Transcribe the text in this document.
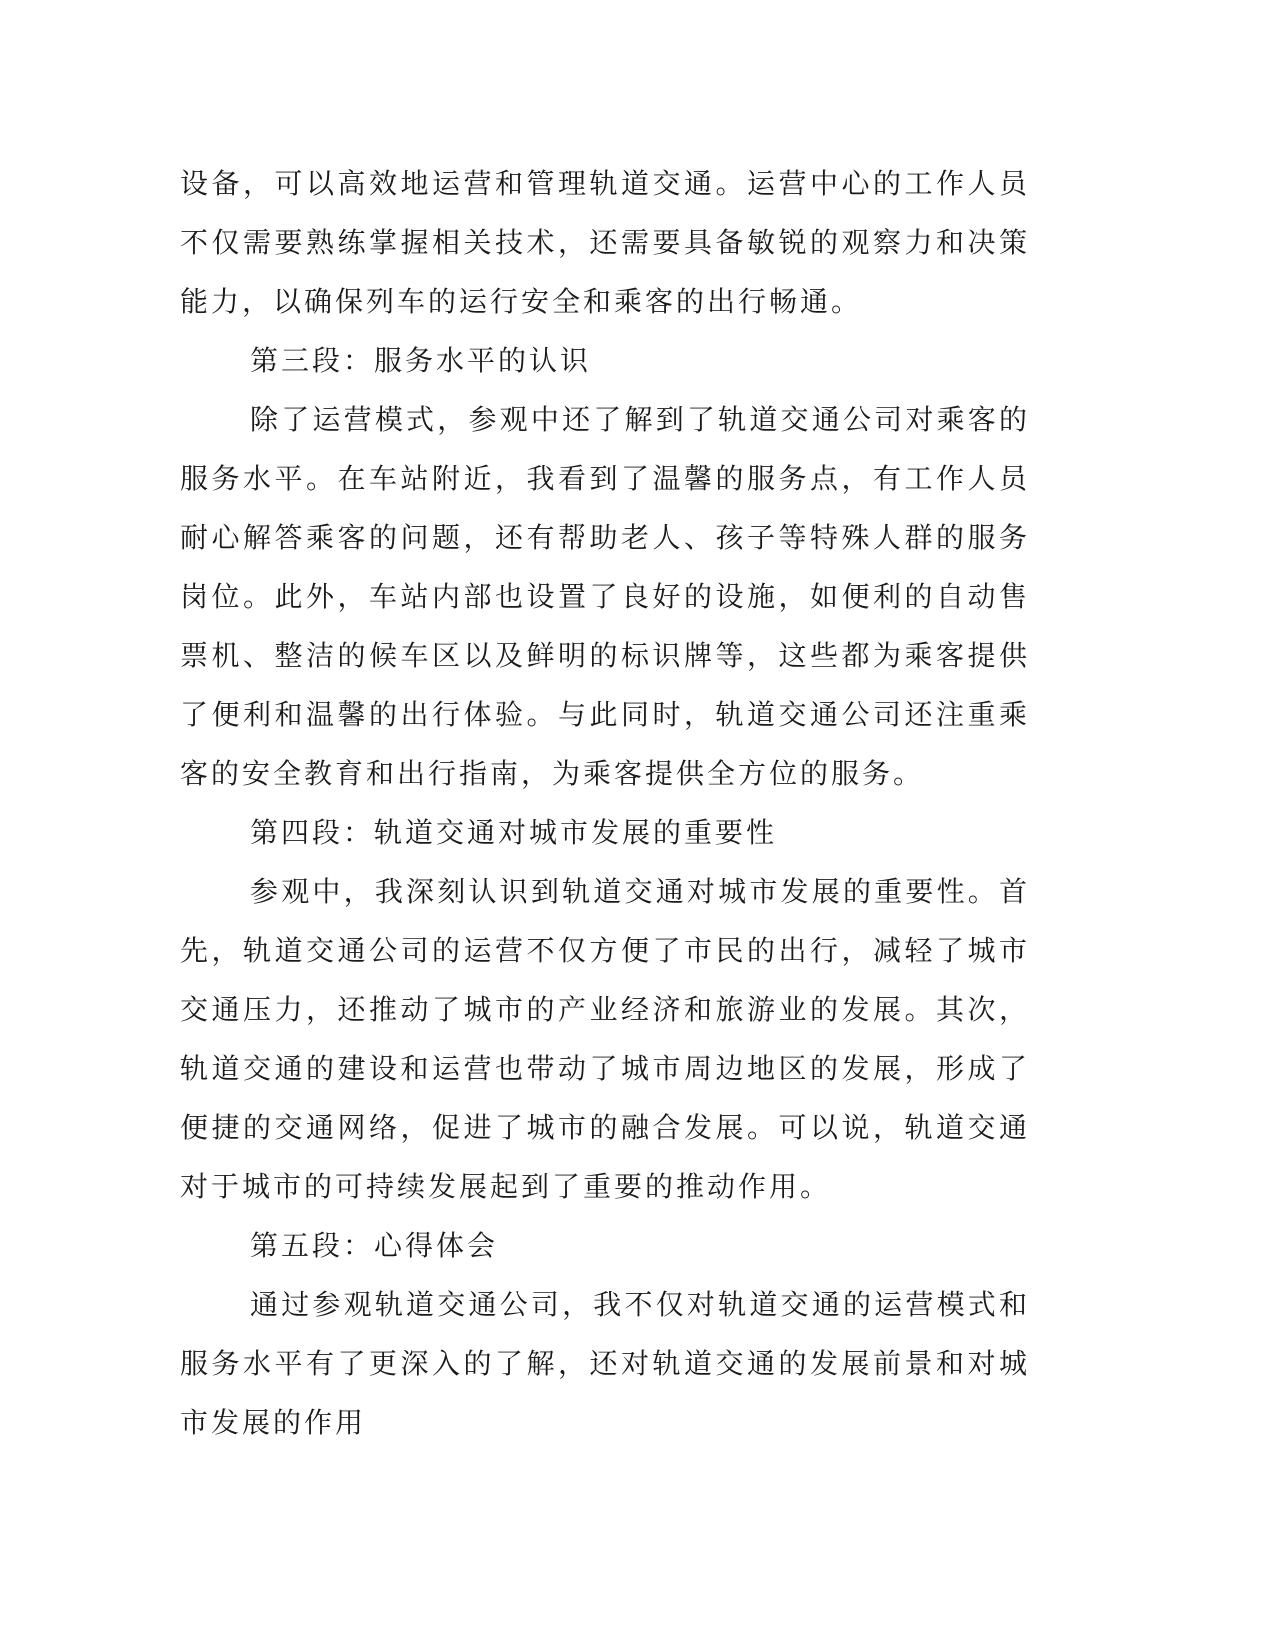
设备，可以高效地运营和管理轨道交通。运营中心的工作人员不仅需要熟练掌握相关技术，还需要具备敏锐的观察力和决策能力，以确保列车的运行安全和乘客的出行畅通。

第三段：服务水平的认识

除了运营模式，参观中还了解到了轨道交通公司对乘客的服务水平。在车站附近，我看到了温馨的服务点，有工作人员耐心解答乘客的问题，还有帮助老人、孩子等特殊人群的服务岗位。此外，车站内部也设置了良好的设施，如便利的自动售票机、整洁的候车区以及鲜明的标识牌等，这些都为乘客提供了便利和温馨的出行体验。与此同时，轨道交通公司还注重乘客的安全教育和出行指南，为乘客提供全方位的服务。

第四段：轨道交通对城市发展的重要性

参观中，我深刻认识到轨道交通对城市发展的重要性。首先，轨道交通公司的运营不仅方便了市民的出行，减轻了城市交通压力，还推动了城市的产业经济和旅游业的发展。其次，轨道交通的建设和运营也带动了城市周边地区的发展，形成了便捷的交通网络，促进了城市的融合发展。可以说，轨道交通对于城市的可持续发展起到了重要的推动作用。

第五段：心得体会

通过参观轨道交通公司，我不仅对轨道交通的运营模式和服务水平有了更深入的了解，还对轨道交通的发展前景和对城市发展的作用
